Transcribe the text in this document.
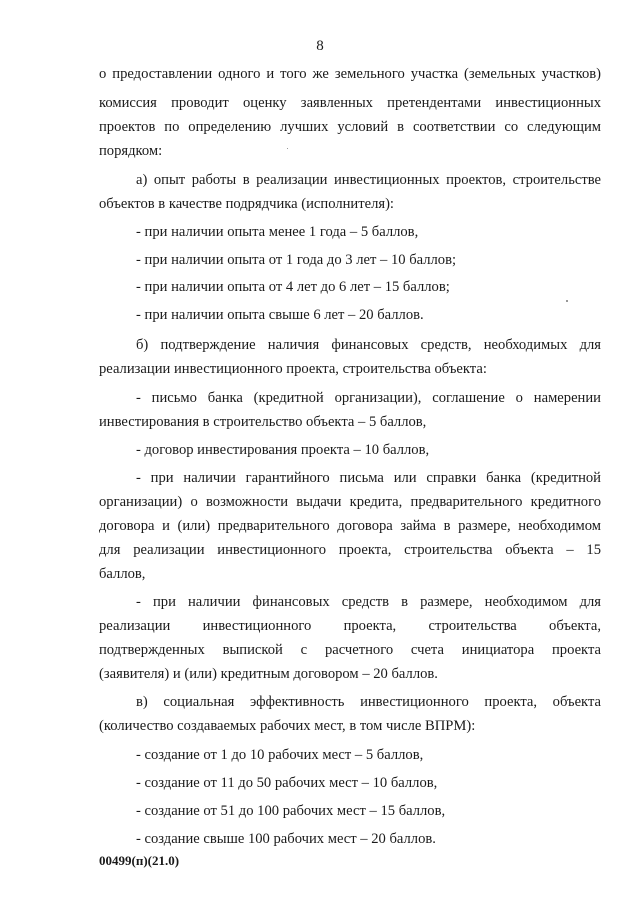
8
о предоставлении одного и того же земельного участка (земельных участков)
комиссия проводит оценку заявленных претендентами инвестиционных
проектов по определению лучших условий в соответствии со следующим
порядком:
а) опыт работы в реализации инвестиционных проектов, строительстве
объектов в качестве подрядчика (исполнителя):
- при наличии опыта менее 1 года – 5 баллов,
- при наличии опыта от 1 года до 3 лет – 10 баллов;
- при наличии опыта от 4 лет до 6 лет – 15 баллов;
- при наличии опыта свыше 6 лет – 20 баллов.
б) подтверждение наличия финансовых средств, необходимых для
реализации инвестиционного проекта, строительства объекта:
- письмо банка (кредитной организации), соглашение о намерении
инвестирования в строительство объекта – 5 баллов,
- договор инвестирования проекта – 10 баллов,
- при наличии гарантийного письма или справки банка (кредитной
организации) о возможности выдачи кредита, предварительного кредитного
договора и (или) предварительного договора займа в размере, необходимом
для реализации инвестиционного проекта, строительства объекта – 15
баллов,
- при наличии финансовых средств в размере, необходимом для
реализации инвестиционного проекта, строительства объекта,
подтвержденных выпиской с расчетного счета инициатора проекта
(заявителя) и (или) кредитным договором – 20 баллов.
в) социальная эффективность инвестиционного проекта, объекта
(количество создаваемых рабочих мест, в том числе ВПРМ):
- создание от 1 до 10 рабочих мест – 5 баллов,
- создание от 11 до 50 рабочих мест – 10 баллов,
- создание от 51 до 100 рабочих мест – 15 баллов,
- создание свыше 100 рабочих мест – 20 баллов.
00499(п)(21.0)
